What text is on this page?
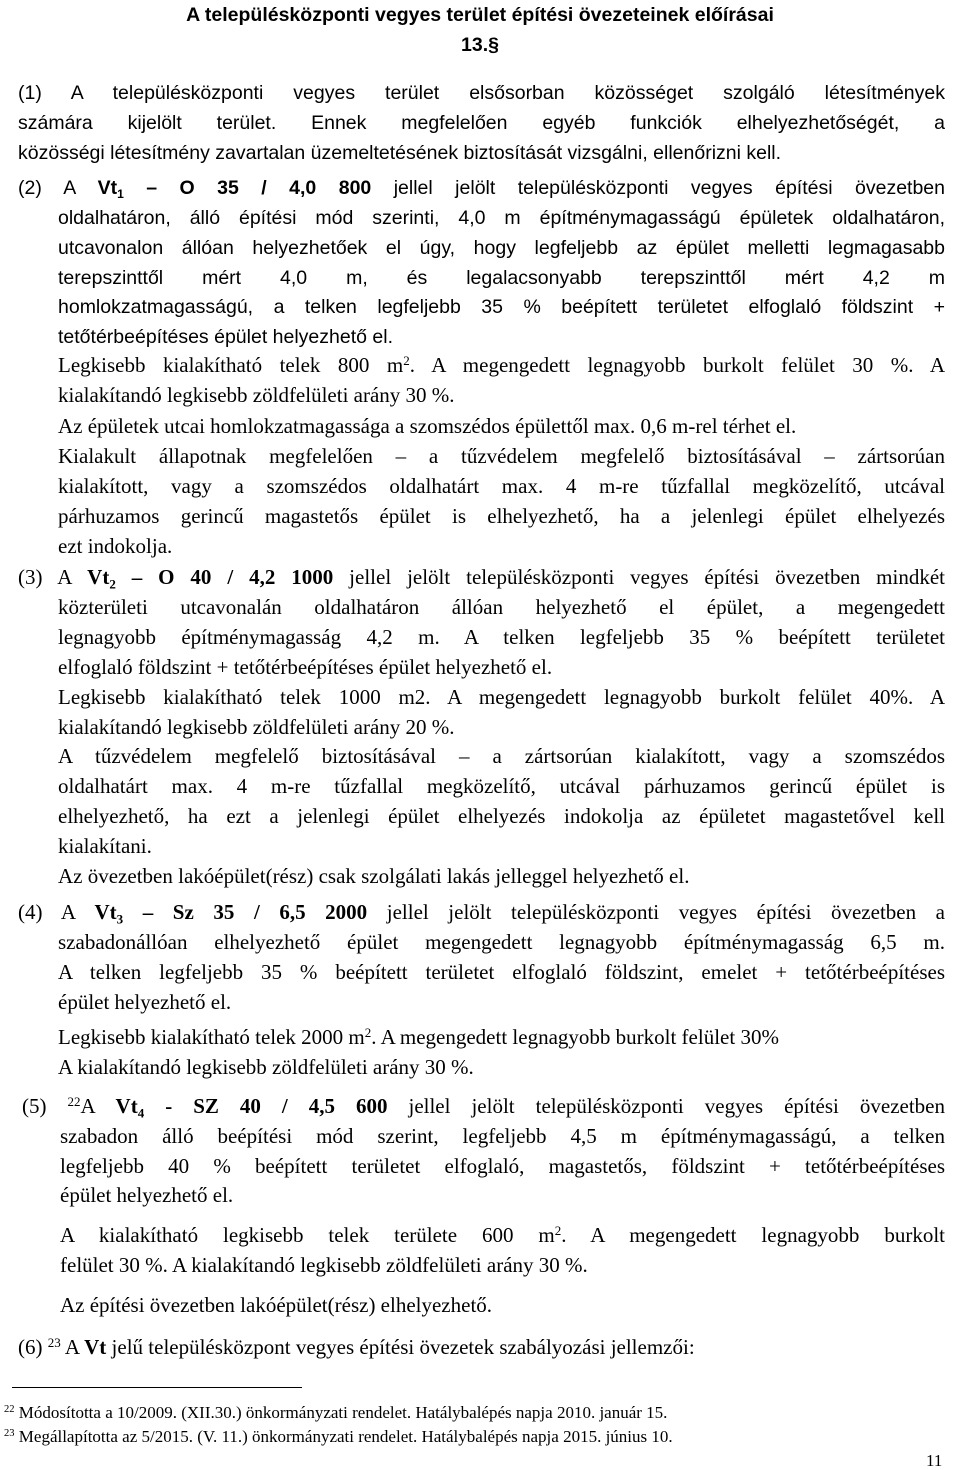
A településközponti vegyes terület építési övezeteinek előírásai
13.§
(1) A településközponti vegyes terület elsősorban közösséget szolgáló létesítmények
számára kijelölt terület. Ennek megfelelően egyéb funkciók elhelyezhetőségét, a
közösségi létesítmény zavartalan üzemeltetésének biztosítását vizsgálni, ellenőrizni kell.
(2) A $Vt_1$ – O 35 / 4,0 800 jellel jelölt településközponti vegyes építési övezetben
oldalhatáron, álló építési mód szerinti, 4,0 m építménymagasságú épületek oldalhatáron,
utcavonalon állóan helyezhetőek el úgy, hogy legfeljebb az épület melletti legmagasabb
terepszinttől mért 4,0 m, és legalacsonyabb terepszinttől mért 4,2 m
homlokzatmagasságú, a telken legfeljebb 35 % beépített területet elfoglaló földszint +
tetőtérbeépítéses épület helyezhető el.
Legkisebb kialakítható telek 800 $m^2$. A megengedett legnagyobb burkolt felület 30 %. A
kialakítandó legkisebb zöldfelületi arány 30 %.
Az épületek utcai homlokzatmagassága a szomszédos épülettől max. 0,6 m-rel térhet el.
Kialakult állapotnak megfelelően – a tűzvédelem megfelelő biztosításával – zártsorúan
kialakított, vagy a szomszédos oldalhatárt max. 4 m-re tűzfallal megközelítő, utcával
párhuzamos gerincű magastetős épület is elhelyezhető, ha a jelenlegi épület elhelyezés
ezt indokolja.
(3) A $Vt_2$ – O 40 / 4,2 1000 jellel jelölt településközponti vegyes építési övezetben mindkét
közterületi utcavonalán oldalhatáron állóan helyezhető el épület, a megengedett
legnagyobb építménymagasság 4,2 m. A telken legfeljebb 35 % beépített területet
elfoglaló földszint + tetőtérbeépítéses épület helyezhető el.
Legkisebb kialakítható telek 1000 m2. A megengedett legnagyobb burkolt felület 40%. A
kialakítandó legkisebb zöldfelületi arány 20 %.
A tűzvédelem megfelelő biztosításával – a zártsorúan kialakított, vagy a szomszédos
oldalhatárt max. 4 m-re tűzfallal megközelítő, utcával párhuzamos gerincű épület is
elhelyezhető, ha ezt a jelenlegi épület elhelyezés indokolja az épületet magastetővel kell
kialakítani.
Az övezetben lakóépület(rész) csak szolgálati lakás jelleggel helyezhető el.
(4) A $Vt_3$ – Sz 35 / 6,5 2000 jellel jelölt településközponti vegyes építési övezetben a
szabadonállóan elhelyezhető épület megengedett legnagyobb építménymagasság 6,5 m.
A telken legfeljebb 35 % beépített területet elfoglaló földszint, emelet + tetőtérbeépítéses
épület helyezhető el.
Legkisebb kialakítható telek 2000 $m^2$. A megengedett legnagyobb burkolt felület 30%
A kialakítandó legkisebb zöldfelületi arány 30 %.
(5) $^{22}$A $Vt_4$ - SZ 40 / 4,5 600 jellel jelölt településközponti vegyes építési övezetben
szabadon álló beépítési mód szerint, legfeljebb 4,5 m építménymagasságú, a telken
legfeljebb 40 % beépített területet elfoglaló, magastetős, földszint + tetőtérbeépítéses
épület helyezhető el.
A kialakítható legkisebb telek területe 600 $m^2$. A megengedett legnagyobb burkolt
felület 30 %. A kialakítandó legkisebb zöldfelületi arány 30 %.
Az építési övezetben lakóépület(rész) elhelyezhető.
(6) $^{23}$ A Vt jelű településközpont vegyes építési övezetek szabályozási jellemzői:
$^{22}$ Módosította a 10/2009. (XII.30.) önkormányzati rendelet. Hatálybalépés napja 2010. január 15.
$^{23}$ Megállapította az 5/2015. (V. 11.) önkormányzati rendelet. Hatálybalépés napja 2015. június 10.
11
